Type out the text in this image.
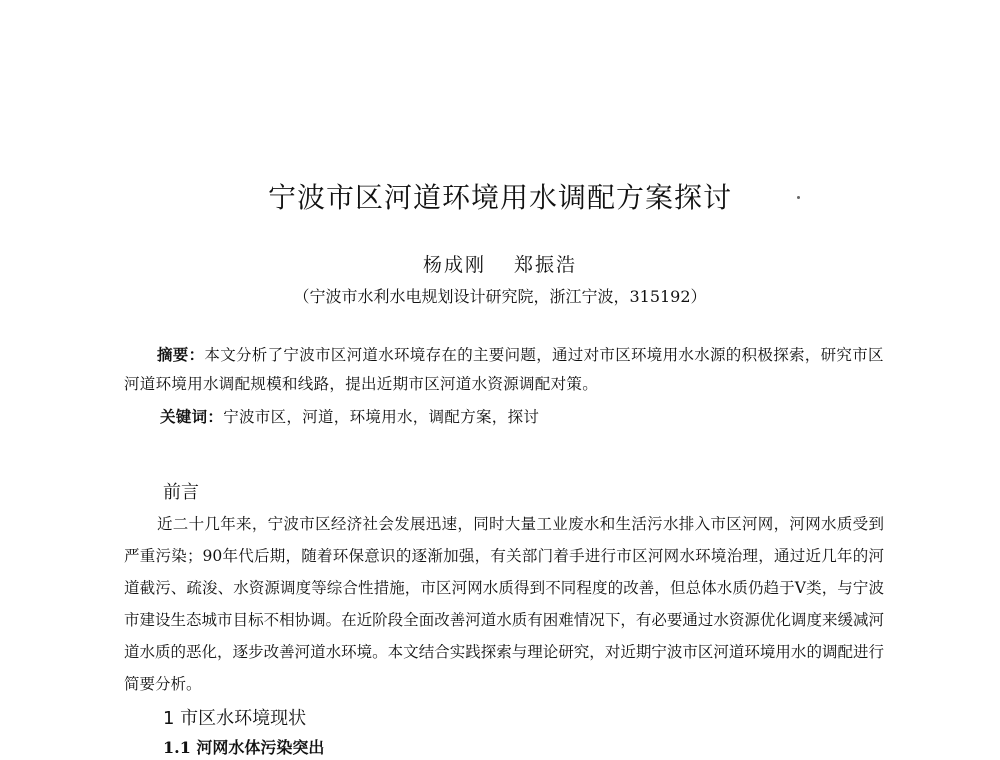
宁波市区河道环境用水调配方案探讨
杨成刚 郑振浩
（宁波市水利水电规划设计研究院，浙江宁波，315192）

摘要：本文分析了宁波市区河道水环境存在的主要问题，通过对市区环境用水水源的积极探索，研究市区河道环境用水调配规模和线路，提出近期市区河道水资源调配对策。

关键词：宁波市区，河道，环境用水，调配方案，探讨
前言

近二十几年来，宁波市区经济社会发展迅速，同时大量工业废水和生活污水排入市区河网，河网水质受到严重污染；90年代后期，随着环保意识的逐渐加强，有关部门着手进行市区河网水环境治理，通过近几年的河道截污、疏浚、水资源调度等综合性措施，市区河网水质得到不同程度的改善，但总体水质仍趋于Ⅴ类，与宁波市建设生态城市目标不相协调。在近阶段全面改善河道水质有困难情况下，有必要通过水资源优化调度来缓减河道水质的恶化，逐步改善河道水环境。本文结合实践探索与理论研究，对近期宁波市区河道环境用水的调配进行简要分析。

1 市区水环境现状
1.1 河网水体污染突出
